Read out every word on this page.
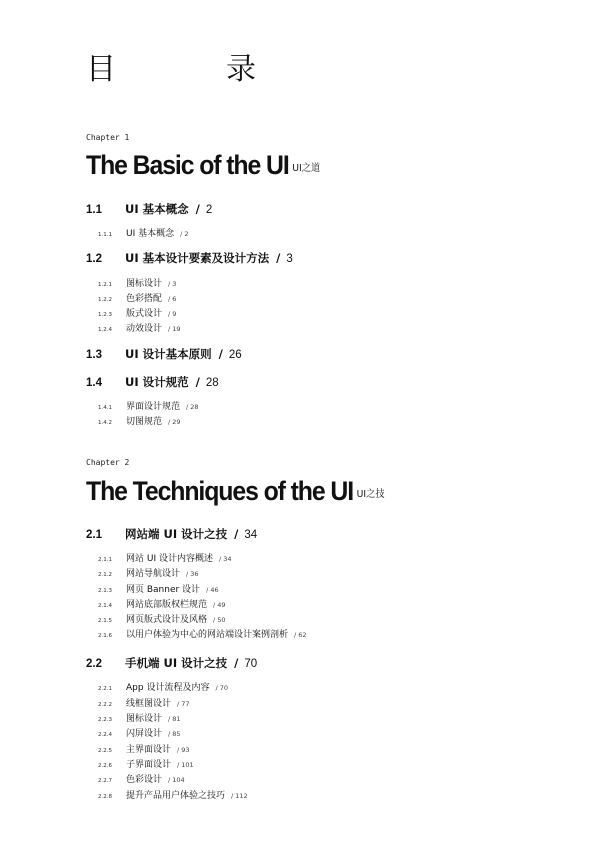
目　录
Chapter 1
The Basic of the UI $^{UI之道}$
1.1	UI 基本概念 / 2
1.1.1	UI 基本概念 / 2
1.2	UI 基本设计要素及设计方法 / 3
1.2.1	图标设计 / 3
1.2.2	色彩搭配 / 6
1.2.3	版式设计 / 9
1.2.4	动效设计 / 19
1.3	UI 设计基本原则 / 26
1.4	UI 设计规范 / 28
1.4.1	界面设计规范 / 28
1.4.2	切图规范 / 29
Chapter 2
The Techniques of the UI $^{UI之技}$
2.1	网站端 UI 设计之技 / 34
2.1.1	网站 UI 设计内容概述 / 34
2.1.2	网站导航设计 / 36
2.1.3	网页 Banner 设计 / 46
2.1.4	网站底部版权栏规范 / 49
2.1.5	网页版式设计及风格 / 50
2.1.6	以用户体验为中心的网站端设计案例剖析 / 62
2.2	手机端 UI 设计之技 / 70
2.2.1	App 设计流程及内容 / 70
2.2.2	线框图设计 / 77
2.2.3	图标设计 / 81
2.2.4	闪屏设计 / 85
2.2.5	主界面设计 / 93
2.2.6	子界面设计 / 101
2.2.7	色彩设计 / 104
2.2.8	提升产品用户体验之技巧 / 112
